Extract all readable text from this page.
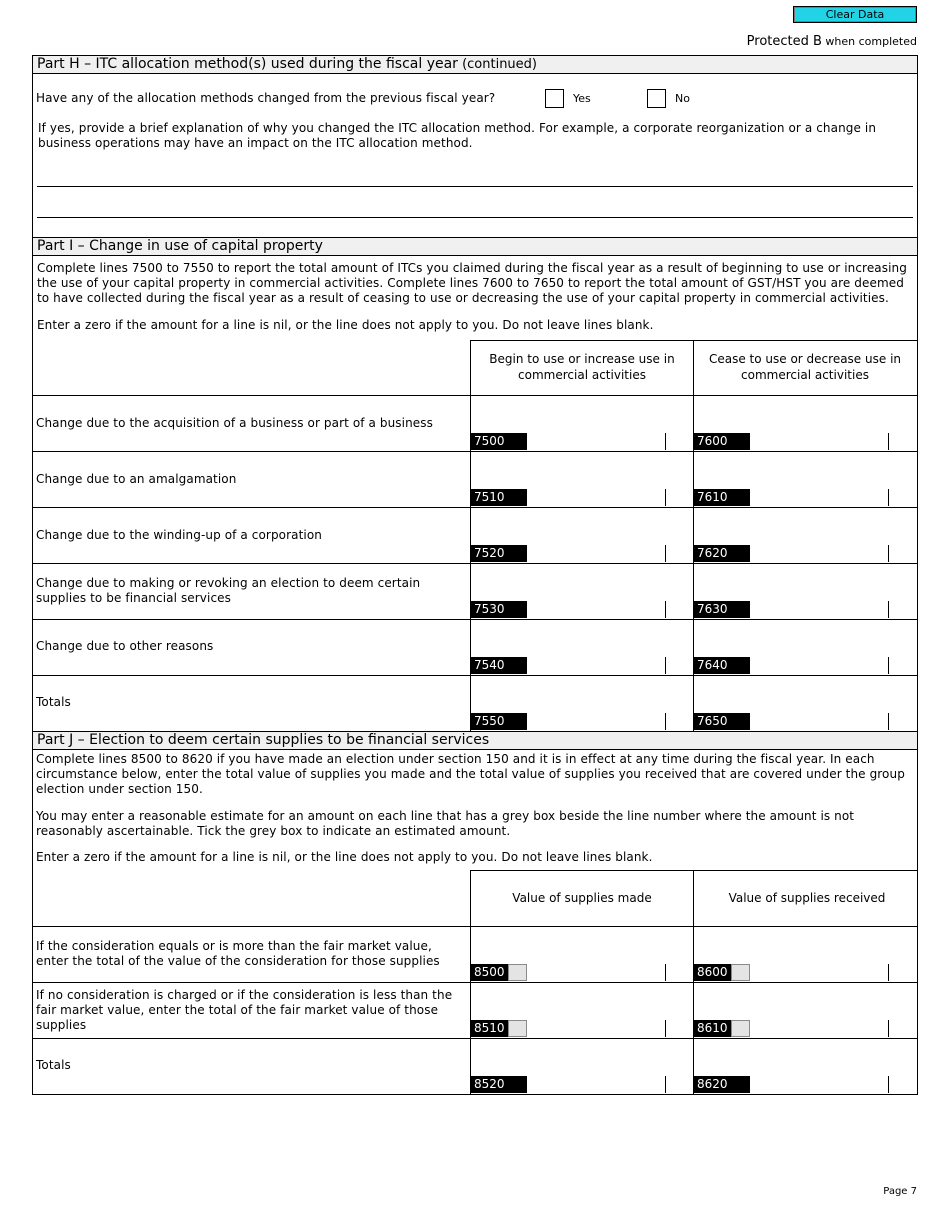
Clear Data
Protected B when completed
Part H – ITC allocation method(s) used during the fiscal year (continued)
Have any of the allocation methods changed from the previous fiscal year?	Yes	No
If yes, provide a brief explanation of why you changed the ITC allocation method. For example, a corporate reorganization or a change in business operations may have an impact on the ITC allocation method.
Part I – Change in use of capital property
Complete lines 7500 to 7550 to report the total amount of ITCs you claimed during the fiscal year as a result of beginning to use or increasing the use of your capital property in commercial activities. Complete lines 7600 to 7650 to report the total amount of GST/HST you are deemed to have collected during the fiscal year as a result of ceasing to use or decreasing the use of your capital property in commercial activities.
Enter a zero if the amount for a line is nil, or the line does not apply to you. Do not leave lines blank.
Begin to use or increase use in commercial activities
Cease to use or decrease use in commercial activities
Change due to the acquisition of a business or part of a business
7500	7600
Change due to an amalgamation
7510	7610
Change due to the winding-up of a corporation
7520	7620
Change due to making or revoking an election to deem certain supplies to be financial services
7530	7630
Change due to other reasons
7540	7640
Totals
7550	7650
Part J – Election to deem certain supplies to be financial services
Complete lines 8500 to 8620 if you have made an election under section 150 and it is in effect at any time during the fiscal year. In each circumstance below, enter the total value of supplies you made and the total value of supplies you received that are covered under the group election under section 150.
You may enter a reasonable estimate for an amount on each line that has a grey box beside the line number where the amount is not reasonably ascertainable. Tick the grey box to indicate an estimated amount.
Enter a zero if the amount for a line is nil, or the line does not apply to you. Do not leave lines blank.
Value of supplies made	Value of supplies received
If the consideration equals or is more than the fair market value, enter the total of the value of the consideration for those supplies
8500	8600
If no consideration is charged or if the consideration is less than the fair market value, enter the total of the fair market value of those supplies	8510	8610
Totals
8520	8620
Page 7
